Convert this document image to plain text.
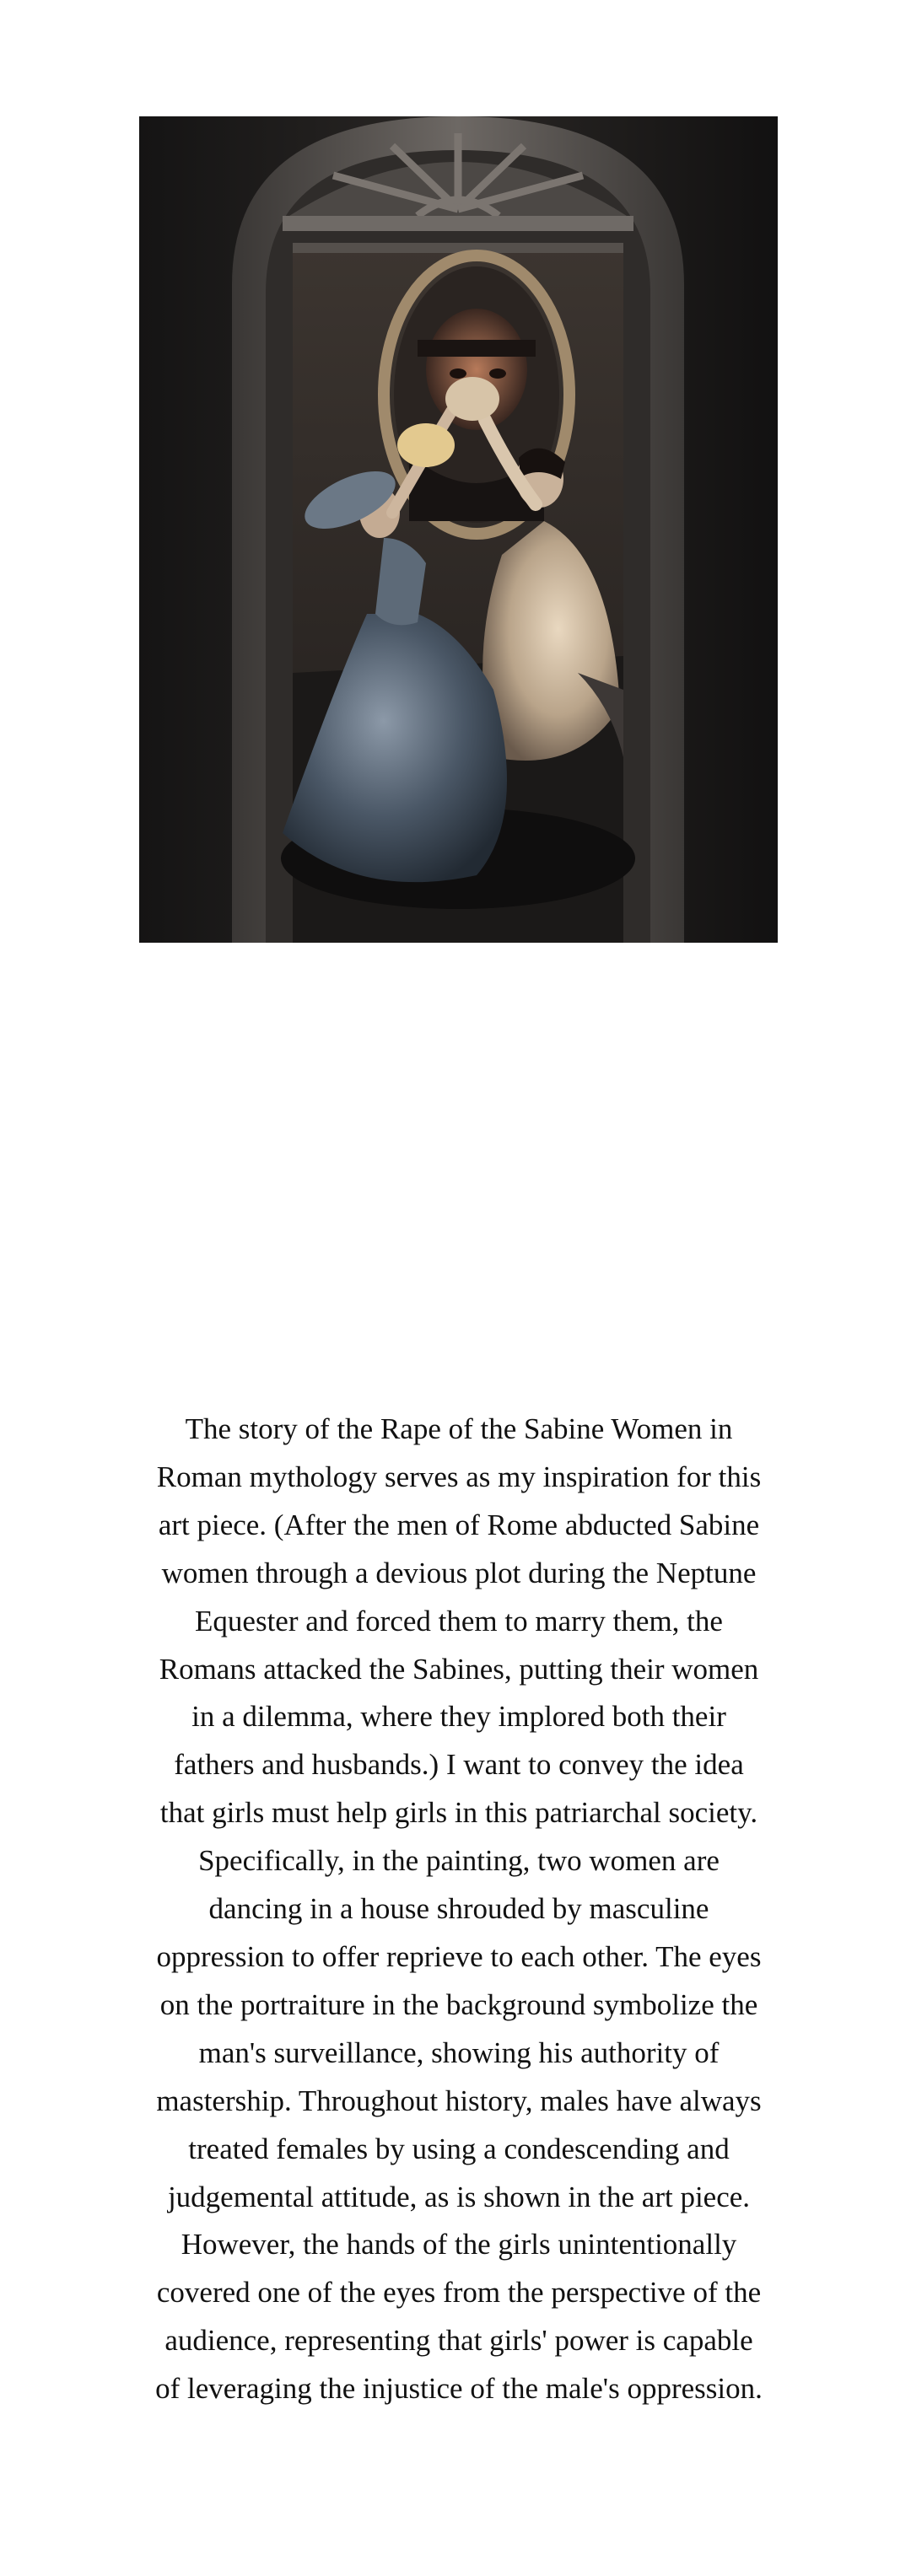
The story of the Rape of the Sabine Women in
Roman mythology serves as my inspiration for this
art piece. (After the men of Rome abducted Sabine
women through a devious plot during the Neptune
Equester and forced them to marry them, the
Romans attacked the Sabines, putting their women
in a dilemma, where they implored both their
fathers and husbands.) I want to convey the idea
that girls must help girls in this patriarchal society.
Specifically, in the painting, two women are
dancing in a house shrouded by masculine
oppression to offer reprieve to each other. The eyes
on the portraiture in the background symbolize the
man's surveillance, showing his authority of
mastership. Throughout history, males have always
treated females by using a condescending and
judgemental attitude, as is shown in the art piece.
However, the hands of the girls unintentionally
covered one of the eyes from the perspective of the
audience, representing that girls' power is capable
of leveraging the injustice of the male's oppression.
